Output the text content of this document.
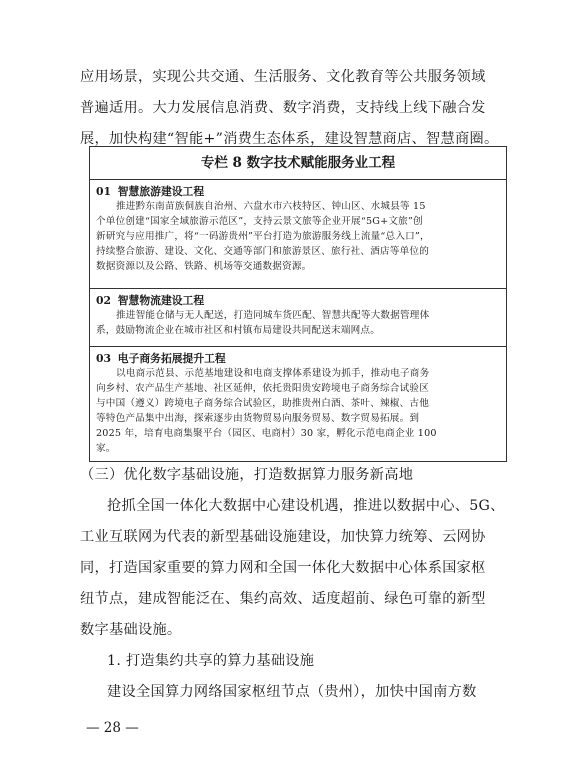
应用场景，实现公共交通、生活服务、文化教育等公共服务领域

普遍适用。大力发展信息消费、数字消费，支持线上线下融合发

展，加快构建“智能+”消费生态体系，建设智慧商店、智慧商圈。

专栏 8 数字技术赋能服务业工程
01 智慧旅游建设工程
推进黔东南苗族侗族自治州、六盘水市六枝特区、钟山区、水城县等 15
个单位创建“国家全域旅游示范区”，支持云景文旅等企业开展“5G+文旅”创
新研究与应用推广，将“一码游贵州”平台打造为旅游服务线上流量“总入口”，
持续整合旅游、建设、文化、交通等部门和旅游景区、旅行社、酒店等单位的
数据资源以及公路、铁路、机场等交通数据资源。
02 智慧物流建设工程
推进智能仓储与无人配送，打造同城车货匹配、智慧共配等大数据管理体
系，鼓励物流企业在城市社区和村镇布局建设共同配送末端网点。
03 电子商务拓展提升工程
以电商示范县、示范基地建设和电商支撑体系建设为抓手，推动电子商务
向乡村、农产品生产基地、社区延伸，依托贵阳贵安跨境电子商务综合试验区
与中国（遵义）跨境电子商务综合试验区，助推贵州白酒、茶叶、辣椒、古他
等特色产品集中出海，探索逐步由货物贸易向服务贸易、数字贸易拓展。到
2025 年，培育电商集聚平台（园区、电商村）30 家，孵化示范电商企业 100
家。

（三）优化数字基础设施，打造数据算力服务新高地

抢抓全国一体化大数据中心建设机遇，推进以数据中心、5G、

工业互联网为代表的新型基础设施建设，加快算力统筹、云网协

同，打造国家重要的算力网和全国一体化大数据中心体系国家枢

纽节点，建成智能泛在、集约高效、适度超前、绿色可靠的新型

数字基础设施。

1. 打造集约共享的算力基础设施

建设全国算力网络国家枢纽节点（贵州），加快中国南方数

— 28 —
